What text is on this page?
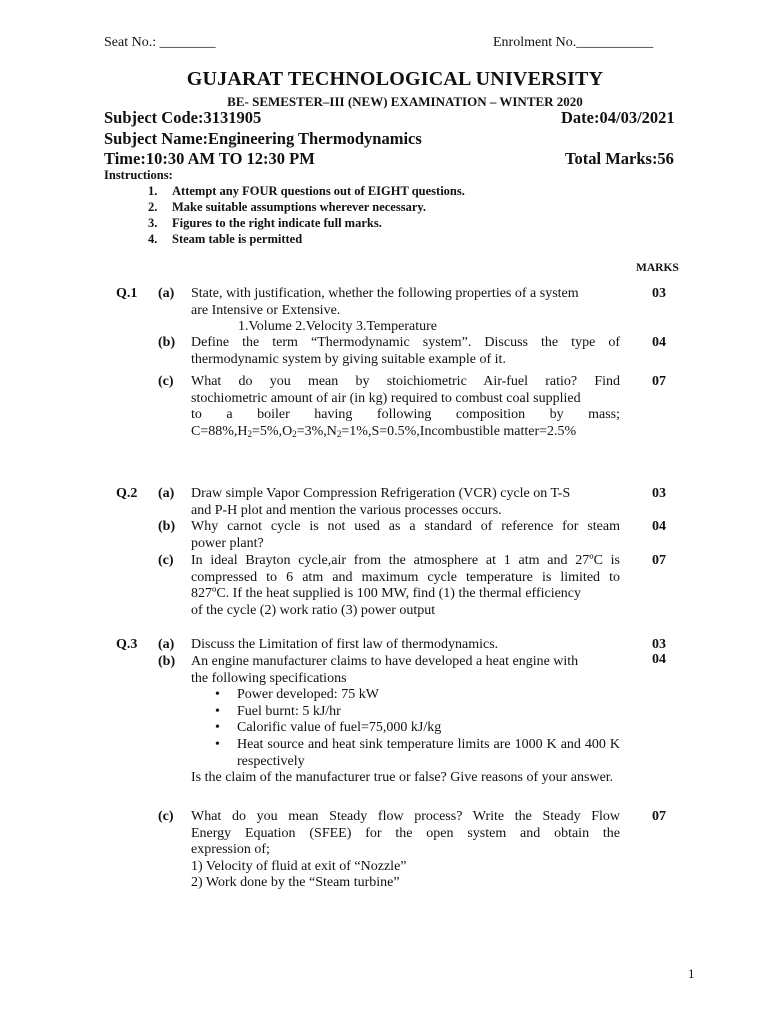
Seat No.: ________	Enrolment No.___________
GUJARAT TECHNOLOGICAL UNIVERSITY
BE- SEMESTER–III (NEW) EXAMINATION – WINTER 2020
Subject Code:3131905	Date:04/03/2021
Subject Name:Engineering Thermodynamics
Time:10:30 AM TO 12:30 PM	Total Marks:56
Instructions:
1. Attempt any FOUR questions out of EIGHT questions.
2. Make suitable assumptions wherever necessary.
3. Figures to the right indicate full marks.
4. Steam table is permitted
MARKS
Q.1 (a)	03
State, with justification, whether the following properties of a system
are Intensive or Extensive.
1.Volume 2.Velocity 3.Temperature
(b)	04
Define the term “Thermodynamic system”. Discuss the type of
thermodynamic system by giving suitable example of it.
(c)	07
What do you mean by stoichiometric Air-fuel ratio? Find
stochiometric amount of air (in kg) required to combust coal supplied
to a boiler having following composition by mass;
$C=88\%,H_2=5\%,O_2=3\%,N_2=1\%,S=0.5\%,Incombustible$ matter=2.5%
Q.2 (a)	03
Draw simple Vapor Compression Refrigeration (VCR) cycle on T-S
and P-H plot and mention the various processes occurs.
(b)	04
Why carnot cycle is not used as a standard of reference for steam
power plant?
(c)	07
In ideal Brayton cycle,air from the atmosphere at 1 atm and 27ºC is
compressed to 6 atm and maximum cycle temperature is limited to
827ºC. If the heat supplied is 100 MW, find (1) the thermal efficiency
of the cycle (2) work ratio (3) power output
Q.3 (a)	03
Discuss the Limitation of first law of thermodynamics.
(b)	04
An engine manufacturer claims to have developed a heat engine with
the following specifications
• Power developed: 75 kW
• Fuel burnt: 5 kJ/hr
• Calorific value of fuel=75,000 kJ/kg
• Heat source and heat sink temperature limits are 1000 K and 400 K respectively
Is the claim of the manufacturer true or false? Give reasons of your answer.
(c)	07
What do you mean Steady flow process? Write the Steady Flow
Energy Equation (SFEE) for the open system and obtain the
expression of;
1) Velocity of fluid at exit of “Nozzle”
2) Work done by the “Steam turbine”
1
